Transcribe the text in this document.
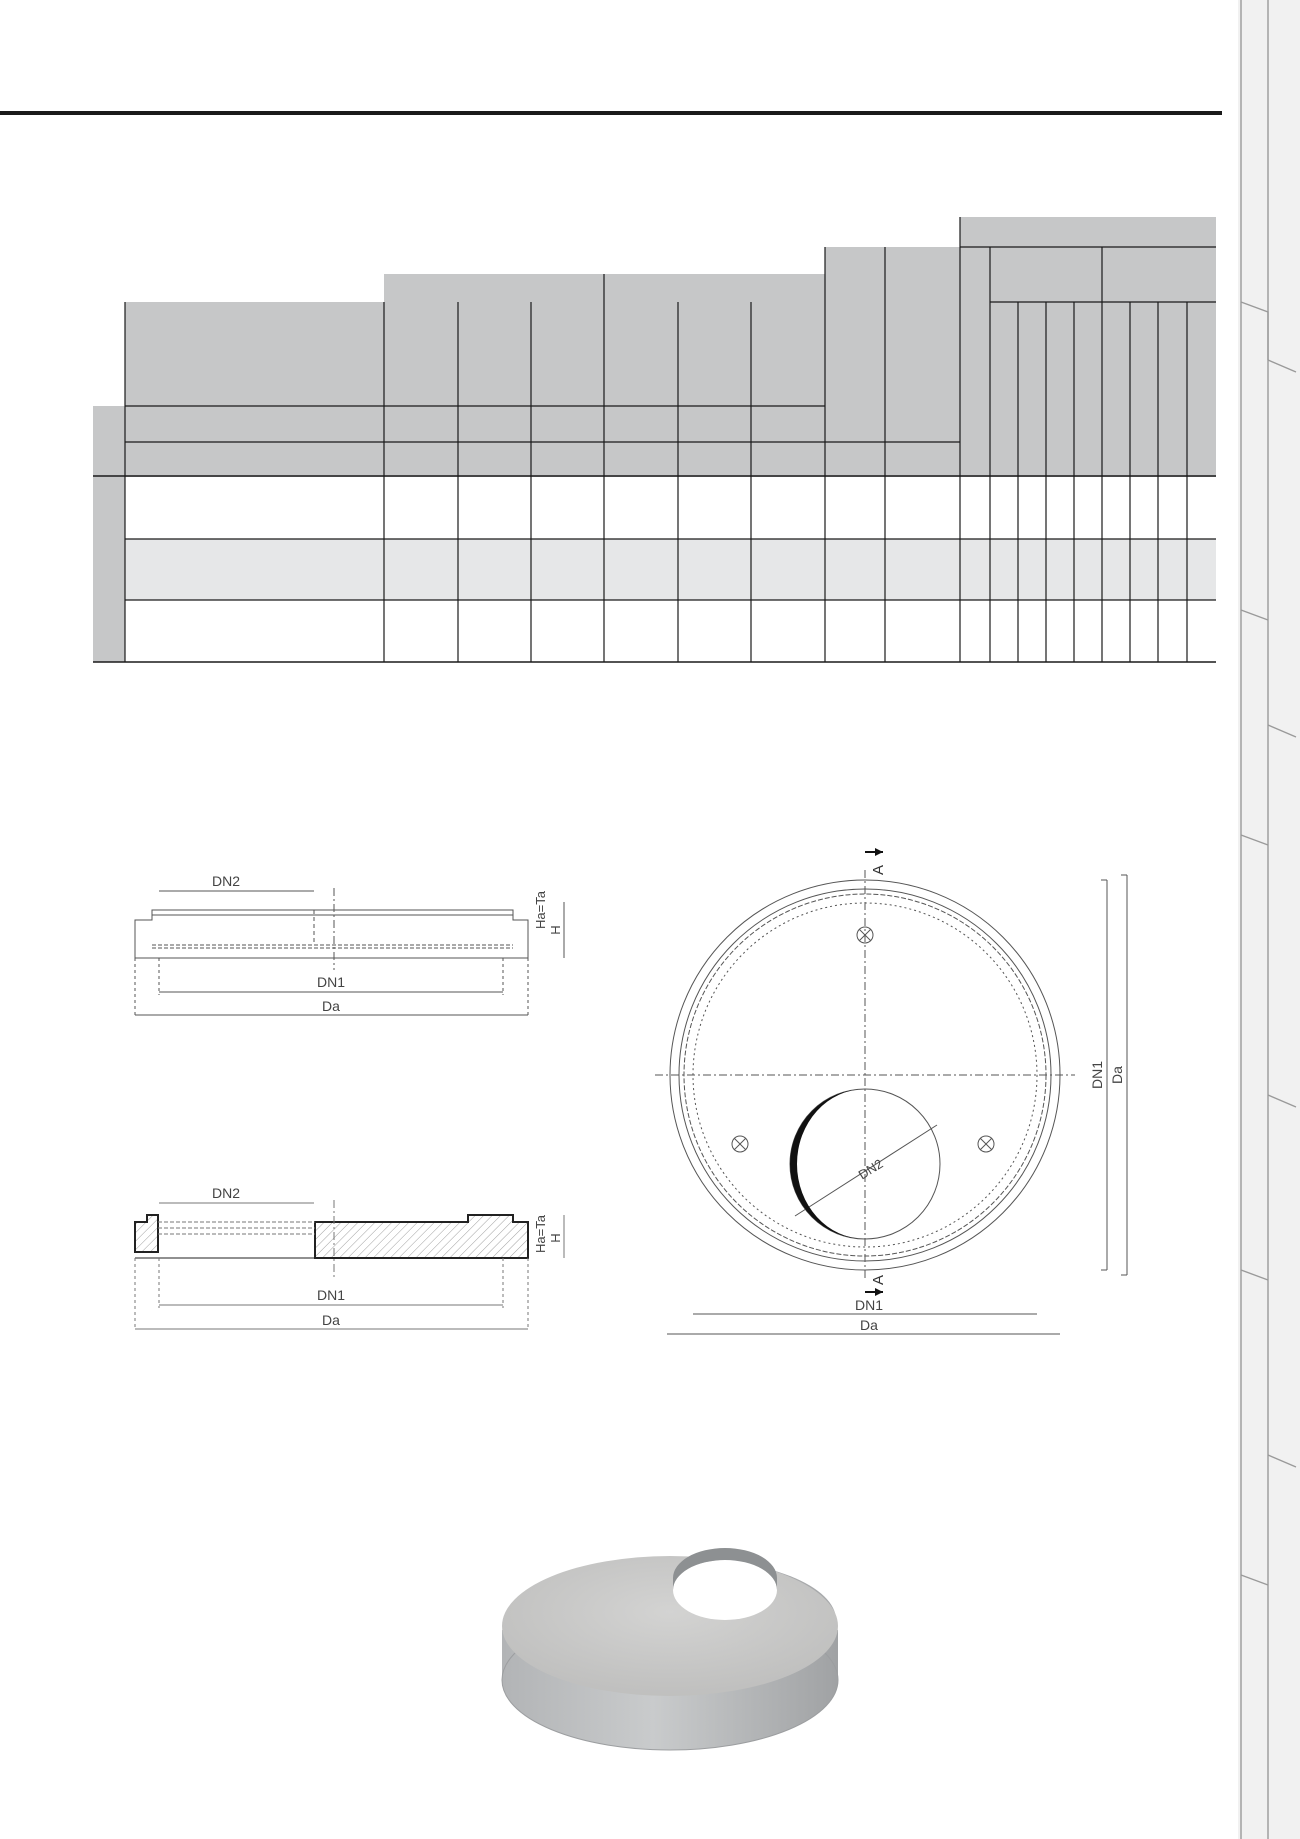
DN2
DN1
Da
Ha=Ta
H
DN2
DN1
Da
Ha=Ta H
A
A
DN2
DN1 Da
DN1
Da
